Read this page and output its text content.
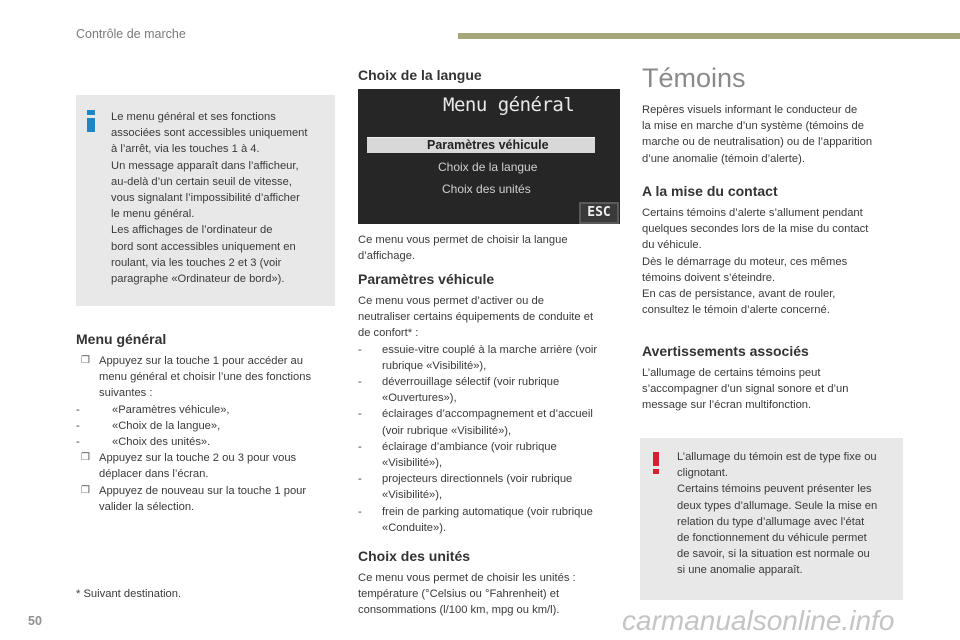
Contrôle de marche
Le menu général et ses fonctions
associées sont accessibles uniquement
à l’arrêt, via les touches 1 à 4.
Un message apparaît dans l’afficheur,
au-delà d’un certain seuil de vitesse,
vous signalant l’impossibilité d’afficher
le menu général.
Les affichages de l’ordinateur de
bord sont accessibles uniquement en
roulant, via les touches 2 et 3 (voir
paragraphe «Ordinateur de bord»).
Menu général
❒ Appuyez sur la touche 1 pour accéder au
menu général et choisir l’une des fonctions
suivantes :
-	«Paramètres véhicule»,
-	«Choix de la langue»,
-	«Choix des unités».
❒ Appuyez sur la touche 2 ou 3 pour vous
déplacer dans l’écran.
❒ Appuyez de nouveau sur la touche 1 pour
valider la sélection.
* Suivant destination.
Choix de la langue
Menu général
Paramètres véhicule
Choix de la langue
Choix des unités
ESC
Ce menu vous permet de choisir la langue
d’affichage.
Paramètres véhicule
Ce menu vous permet d’activer ou de
neutraliser certains équipements de conduite et
de confort* :
-	essuie-vitre couplé à la marche arrière (voir
rubrique «Visibilité»),
-	déverrouillage sélectif (voir rubrique
«Ouvertures»),
-	éclairages d’accompagnement et d’accueil
(voir rubrique «Visibilité»),
-	éclairage d’ambiance (voir rubrique
«Visibilité»),
-	projecteurs directionnels (voir rubrique
«Visibilité»),
-	frein de parking automatique (voir rubrique
«Conduite»).
Choix des unités
Ce menu vous permet de choisir les unités :
température (°Celsius ou °Fahrenheit) et
consommations (l/100 km, mpg ou km/l).
Témoins
Repères visuels informant le conducteur de
la mise en marche d’un système (témoins de
marche ou de neutralisation) ou de l’apparition
d’une anomalie (témoin d’alerte).
A la mise du contact
Certains témoins d’alerte s’allument pendant
quelques secondes lors de la mise du contact
du véhicule.
Dès le démarrage du moteur, ces mêmes
témoins doivent s’éteindre.
En cas de persistance, avant de rouler,
consultez le témoin d’alerte concerné.
Avertissements associés
L’allumage de certains témoins peut
s’accompagner d’un signal sonore et d’un
message sur l’écran multifonction.
L’allumage du témoin est de type fixe ou
clignotant.
Certains témoins peuvent présenter les
deux types d’allumage. Seule la mise en
relation du type d’allumage avec l’état
de fonctionnement du véhicule permet
de savoir, si la situation est normale ou
si une anomalie apparaît.
50	carmanualsonline.info
